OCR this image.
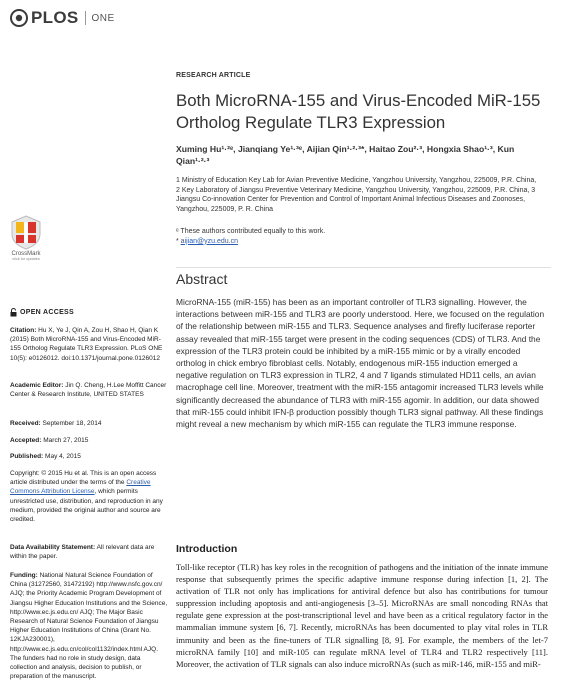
PLOS ONE
RESEARCH ARTICLE
Both MicroRNA-155 and Virus-Encoded MiR-155 Ortholog Regulate TLR3 Expression
Xuming Hu¹·²ᵉ, Jianqiang Ye¹·³ᵉ, Aijian Qin¹·²·³*, Haitao Zou²·³, Hongxia Shao¹·³, Kun Qian¹·²·³
1 Ministry of Education Key Lab for Avian Preventive Medicine, Yangzhou University, Yangzhou, 225009, P.R. China, 2 Key Laboratory of Jiangsu Preventive Veterinary Medicine, Yangzhou University, Yangzhou, 225009, P.R. China, 3 Jiangsu Co-innovation Center for Prevention and Control of Important Animal Infectious Diseases and Zoonoses, Yangzhou, 225009, P. R. China
ᵉ These authors contributed equally to this work.
* aijian@yzu.edu.cn
Abstract
MicroRNA-155 (miR-155) has been as an important controller of TLR3 signalling. However, the interactions between miR-155 and TLR3 are poorly understood. Here, we focused on the regulation of the relationship between miR-155 and TLR3. Sequence analyses and firefly luciferase reporter assay revealed that miR-155 target were present in the coding sequences (CDS) of TLR3. And the expression of the TLR3 protein could be inhibited by a miR-155 mimic or by a virally encoded ortholog in chick embryo fibroblast cells. Notably, endogenous miR-155 induction emerged a negative regulation on TLR3 expression in TLR2, 4 and 7 ligands stimulated HD11 cells, an avian macrophage cell line. Moreover, treatment with the miR-155 antagomir increased TLR3 levels while significantly decreased the abundance of TLR3 with miR-155 agomir. In addition, our data showed that miR-155 could inhibit IFN-β production possibly though TLR3 signal pathway. All these findings might reveal a new mechanism by which miR-155 can regulate the TLR3 immune response.
Introduction
Toll-like receptor (TLR) has key roles in the recognition of pathogens and the initiation of the innate immune response that subsequently primes the specific adaptive immune response during infection [1, 2]. The activation of TLR not only has implications for antiviral defence but also has contributions for tumour suppression including apoptosis and anti-angiogenesis [3–5]. MicroRNAs are small noncoding RNAs that regulate gene expression at the post-transcriptional level and have been as a critical regulatory factor in the mammalian immune system [6, 7]. Recently, microRNAs has been documented to play vital roles in TLR immunity and been as the fine-tuners of TLR signalling [8, 9]. For example, the members of the let-7 microRNA family [10] and miR-105 can regulate mRNA level of TLR4 and TLR2 respectively [11]. Moreover, the activation of TLR signals can also induce microRNAs (such as miR-146, miR-155 and miR-
CrossMark
click for updates
OPEN ACCESS

Citation: Hu X, Ye J, Qin A, Zou H, Shao H, Qian K (2015) Both MicroRNA-155 and Virus-Encoded MiR-155 Ortholog Regulate TLR3 Expression. PLoS ONE 10(5): e0126012. doi:10.1371/journal.pone.0126012

Academic Editor: Jin Q. Cheng, H.Lee Moffitt Cancer Center & Research Institute, UNITED STATES

Received: September 18, 2014

Accepted: March 27, 2015

Published: May 4, 2015

Copyright: © 2015 Hu et al. This is an open access article distributed under the terms of the Creative Commons Attribution License, which permits unrestricted use, distribution, and reproduction in any medium, provided the original author and source are credited.

Data Availability Statement: All relevant data are within the paper.

Funding: National Natural Science Foundation of China (31272560, 31472192) http://www.nsfc.gov.cn/ AJQ; the Priority Academic Program Development of Jiangsu Higher Education Institutions and the Science, http://www.ec.js.edu.cn/ AJQ; The Major Basic Research of Natural Science Foundation of Jiangsu Higher Education Institutions of China (Grant No. 12KJA230001), http://www.ec.js.edu.cn/col/col1132/index.html AJQ. The funders had no role in study design, data collection and analysis, decision to publish, or preparation of the manuscript.
